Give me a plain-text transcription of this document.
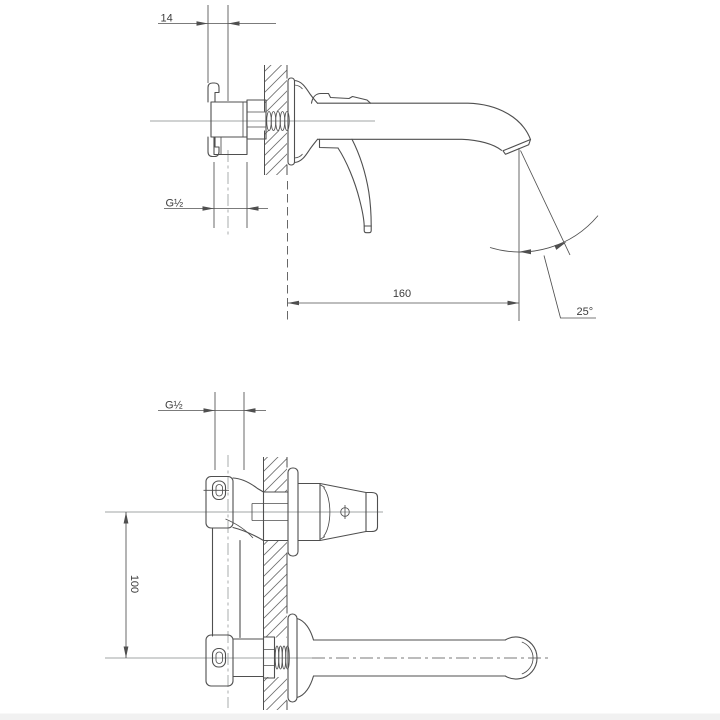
14
G½
160
25°
G½
100
